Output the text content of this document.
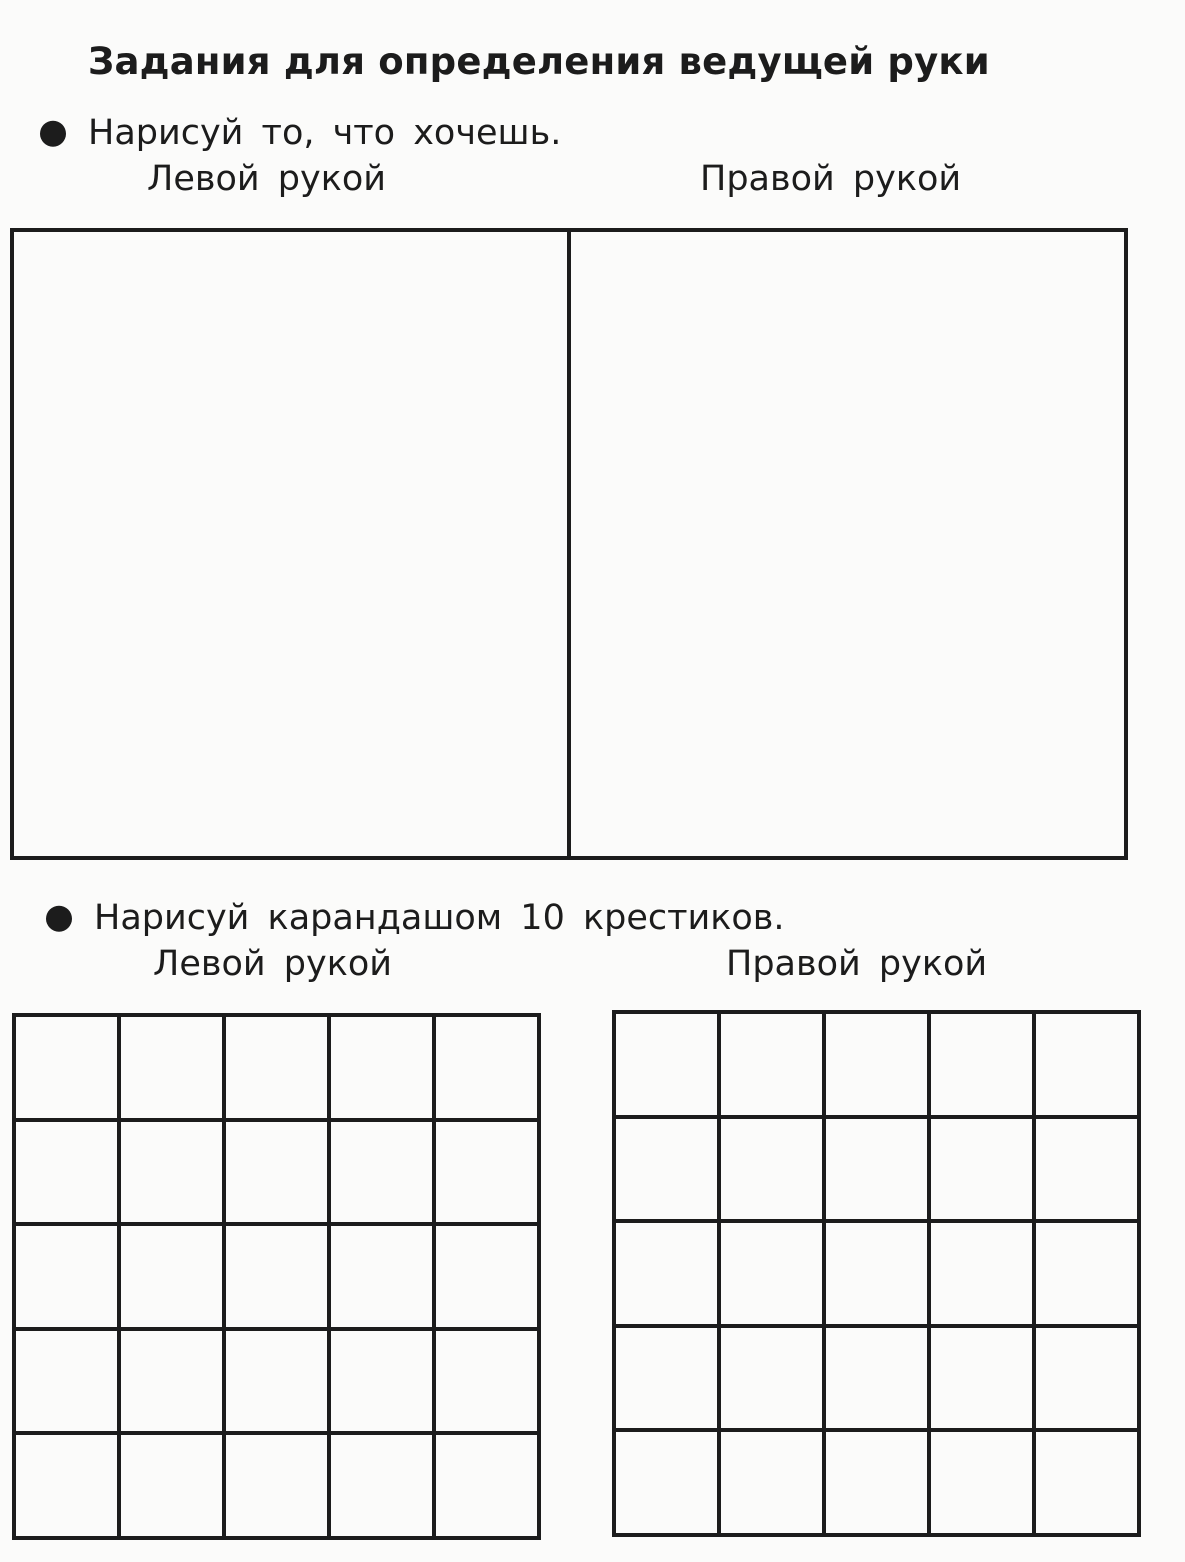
Задания для определения ведущей руки
Нарисуй то, что хочешь.
Левой рукой	Правой рукой
Нарисуй карандашом 10 крестиков.
Левой рукой	Правой рукой
